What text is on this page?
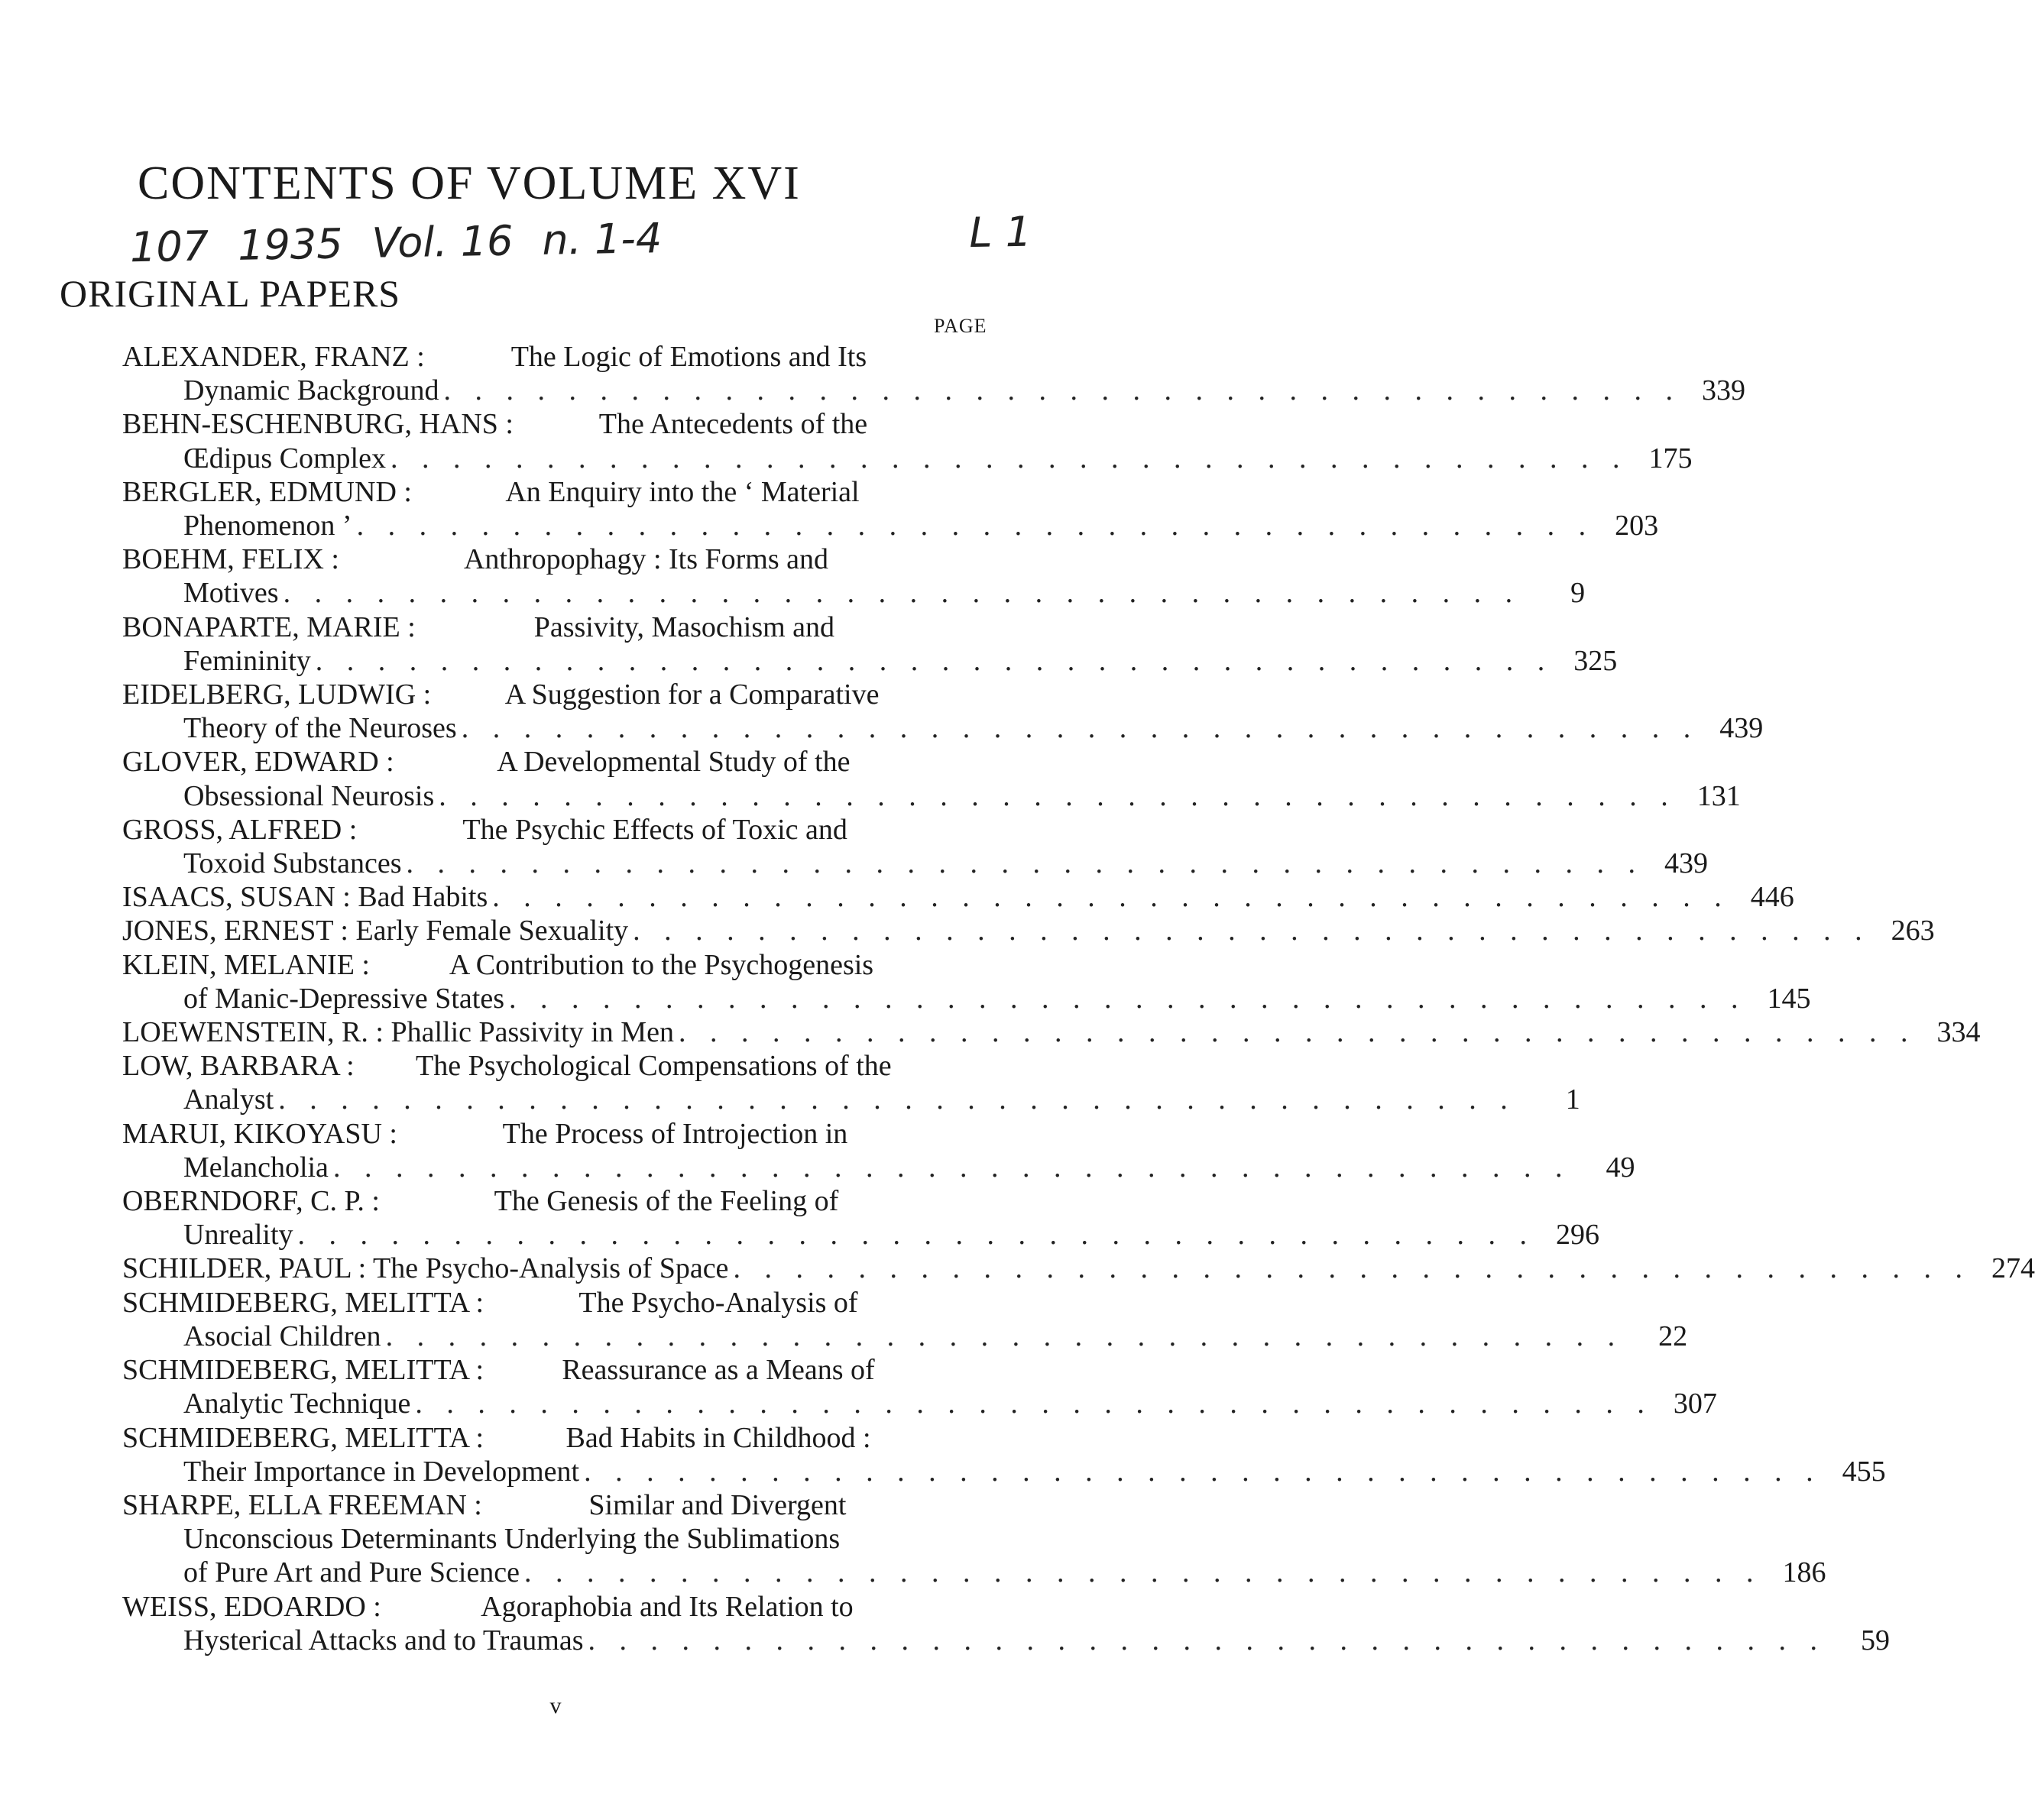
CONTENTS OF VOLUME XVI
107 1935 Vol. 16 n. 1-4	L 1
ORIGINAL PAPERS
PAGE
ALEXANDER, FRANZ :	The Logic of Emotions and Its
Dynamic Background . . . . . . . . . . . . . . . . . . . . . . . . . . . . . . . . . . . . . . . . 339
BEHN-ESCHENBURG, HANS :	The Antecedents of the
Œdipus Complex . . . . . . . . . . . . . . . . . . . . . . . . . . . . . . . . . . . . . . . . 175
BERGLER, EDMUND :	An Enquiry into the ‘ Material
Phenomenon ’ . . . . . . . . . . . . . . . . . . . . . . . . . . . . . . . . . . . . . . . . 203
BOEHM, FELIX :	Anthropophagy : Its Forms and
Motives . . . . . . . . . . . . . . . . . . . . . . . . . . . . . . . . . . . . . . . .	9
BONAPARTE, MARIE :	Passivity, Masochism and
Femininity . . . . . . . . . . . . . . . . . . . . . . . . . . . . . . . . . . . . . . . . 325
EIDELBERG, LUDWIG :	A Suggestion for a Comparative
Theory of the Neuroses . . . . . . . . . . . . . . . . . . . . . . . . . . . . . . . . . . . . . . . . 439
GLOVER, EDWARD :	A Developmental Study of the
Obsessional Neurosis . . . . . . . . . . . . . . . . . . . . . . . . . . . . . . . . . . . . . . . . 131
GROSS, ALFRED :	The Psychic Effects of Toxic and
Toxoid Substances . . . . . . . . . . . . . . . . . . . . . . . . . . . . . . . . . . . . . . . . 439
ISAACS, SUSAN : Bad Habits . . . . . . . . . . . . . . . . . . . . . . . . . . . . . . . . . . . . . . . . 446
JONES, ERNEST : Early Female Sexuality . . . . . . . . . . . . . . . . . . . . . . . . . . . . . . . . . . . . . . . . 263
KLEIN, MELANIE :	A Contribution to the Psychogenesis
of Manic-Depressive States . . . . . . . . . . . . . . . . . . . . . . . . . . . . . . . . . . . . . . . . 145
LOEWENSTEIN, R. : Phallic Passivity in Men . . . . . . . . . . . . . . . . . . . . . . . . . . . . . . . . . . . . . . . . 334
LOW, BARBARA : The Psychological Compensations of the
Analyst . . . . . . . . . . . . . . . . . . . . . . . . . . . . . . . . . . . . . . . .	1
MARUI, KIKOYASU :	The Process of Introjection in
Melancholia . . . . . . . . . . . . . . . . . . . . . . . . . . . . . . . . . . . . . . . .	49
OBERNDORF, C. P. :	The Genesis of the Feeling of
Unreality . . . . . . . . . . . . . . . . . . . . . . . . . . . . . . . . . . . . . . . . 296
SCHILDER, PAUL : The Psycho-Analysis of Space . . . . . . . . . . . . . . . . . . . . . . . . . . . . . . . . . . . . . . . . 274
SCHMIDEBERG, MELITTA :	The Psycho-Analysis of
Asocial Children . . . . . . . . . . . . . . . . . . . . . . . . . . . . . . . . . . . . . . . .	22
SCHMIDEBERG, MELITTA :	Reassurance as a Means of
Analytic Technique . . . . . . . . . . . . . . . . . . . . . . . . . . . . . . . . . . . . . . . . 307
SCHMIDEBERG, MELITTA :	Bad Habits in Childhood :
Their Importance in Development . . . . . . . . . . . . . . . . . . . . . . . . . . . . . . . . . . . . . . . . 455
SHARPE, ELLA FREEMAN :	Similar and Divergent
Unconscious Determinants Underlying the Sublimations
of Pure Art and Pure Science . . . . . . . . . . . . . . . . . . . . . . . . . . . . . . . . . . . . . . . . 186
WEISS, EDOARDO :	Agoraphobia and Its Relation to
Hysterical Attacks and to Traumas . . . . . . . . . . . . . . . . . . . . . . . . . . . . . . . . . . . . . . . .	59
v
